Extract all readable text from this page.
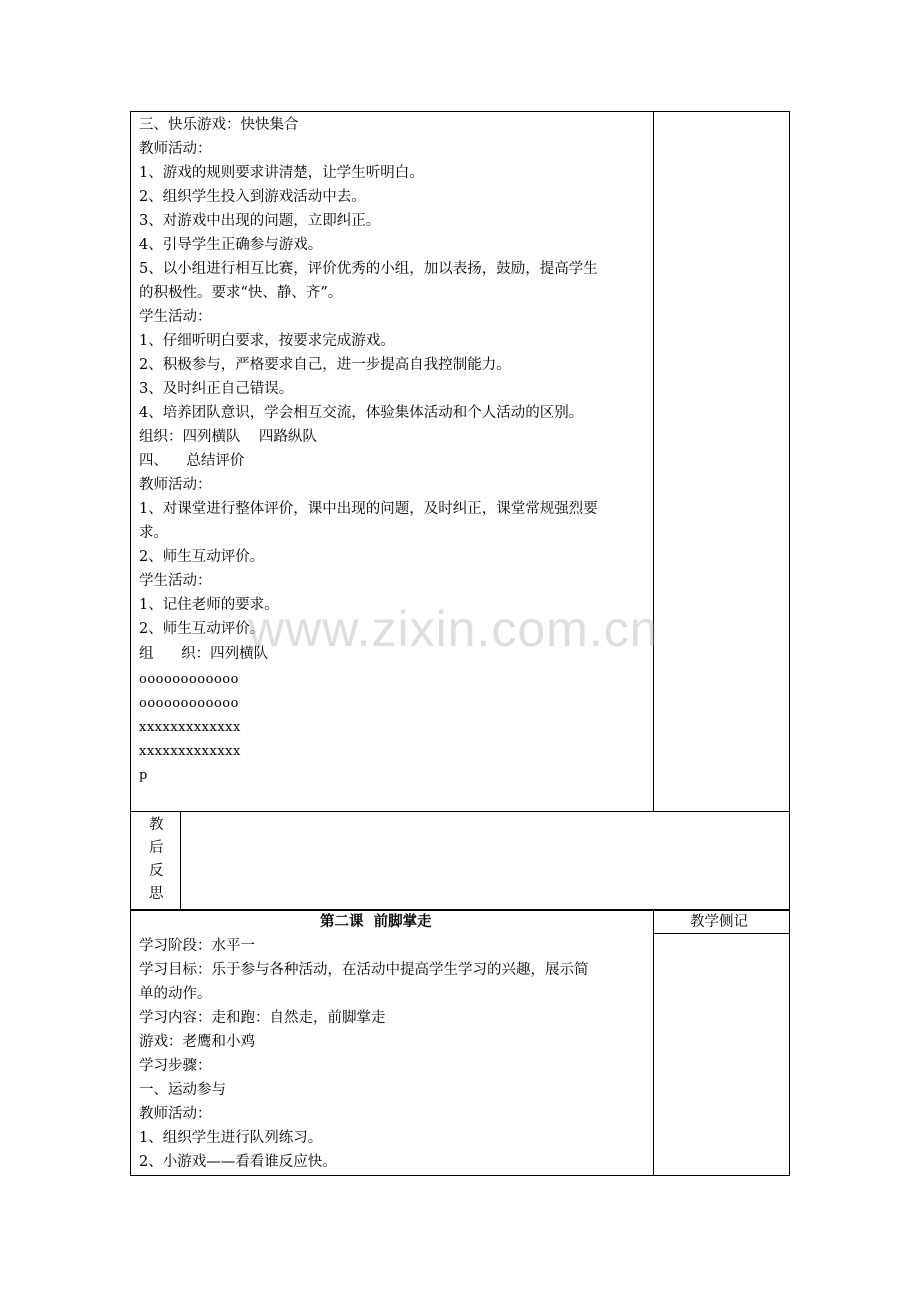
三、快乐游戏：快快集合
教师活动：
1、游戏的规则要求讲清楚，让学生听明白。
2、组织学生投入到游戏活动中去。
3、对游戏中出现的问题，立即纠正。
4、引导学生正确参与游戏。
5、以小组进行相互比赛，评价优秀的小组，加以表扬，鼓励，提高学生
的积极性。要求“快、静、齐”。
学生活动：
1、仔细听明白要求，按要求完成游戏。
2、积极参与，严格要求自己，进一步提高自我控制能力。
3、及时纠正自己错误。
4、培养团队意识，学会相互交流，体验集体活动和个人活动的区别。
组织：四列横队    四路纵队
四、    总结评价
教师活动：
1、对课堂进行整体评价，课中出现的问题，及时纠正，课堂常规强烈要
求。
2、师生互动评价。
学生活动：
1、记住老师的要求。
2、师生互动评价。
组      织：四列横队
oooooooooooo
oooooooooooo
xxxxxxxxxxxxx
xxxxxxxxxxxxx
p
教
后
反
思
第二课  前脚掌走	教学侧记
学习阶段：水平一
学习目标：乐于参与各种活动，在活动中提高学生学习的兴趣，展示简
单的动作。
学习内容：走和跑：自然走，前脚掌走
游戏：老鹰和小鸡
学习步骤：
一、运动参与
教师活动：
1、组织学生进行队列练习。
2、小游戏——看看谁反应快。
www.zixin.com.cn
